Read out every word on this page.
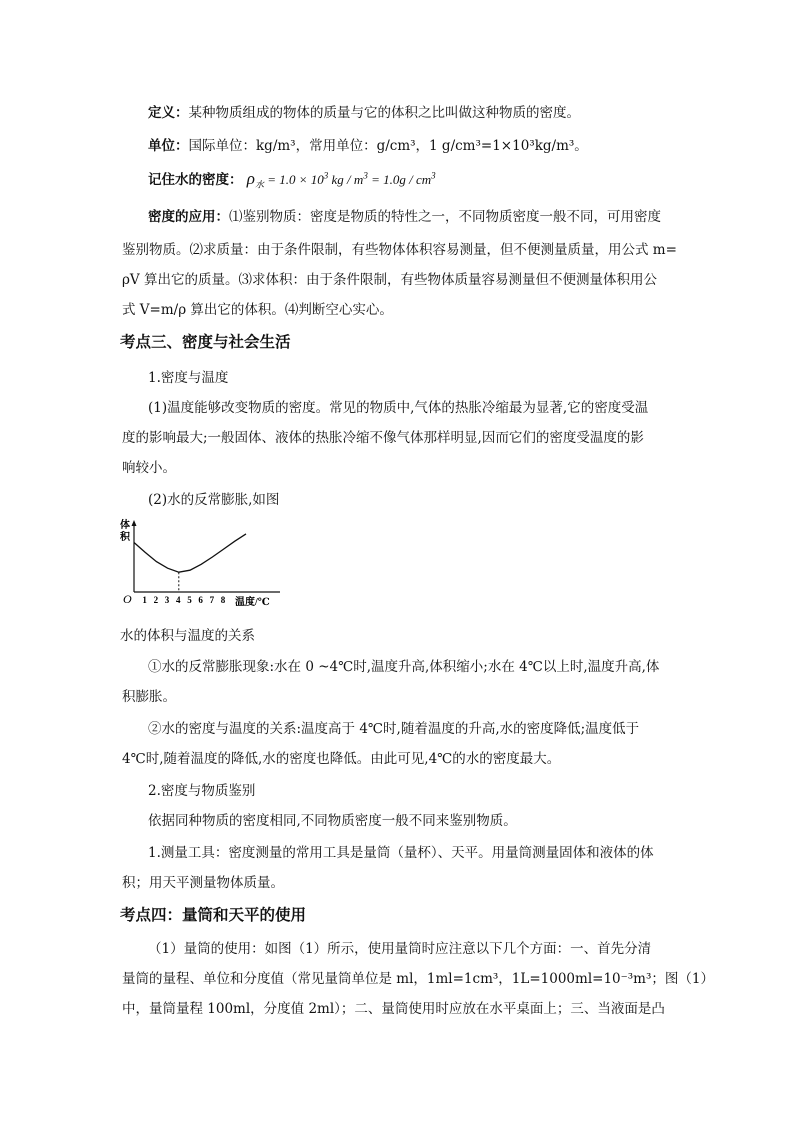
定义：某种物质组成的物体的质量与它的体积之比叫做这种物质的密度。

单位：国际单位：kg/m³，常用单位：g/cm³，1 g/cm³=1×10³kg/m³。

记住水的密度： $\rho_水 = 1.0 \times 10^3$ kg / $m^3 = 1.0g / cm^3$

密度的应用：⑴鉴别物质：密度是物质的特性之一，不同物质密度一般不同，可用密度

鉴别物质。⑵求质量：由于条件限制，有些物体体积容易测量，但不便测量质量，用公式 m=

ρV 算出它的质量。⑶求体积：由于条件限制，有些物体质量容易测量但不便测量体积用公

式 V=m/ρ 算出它的体积。⑷判断空心实心。

考点三、密度与社会生活

1.密度与温度

(1)温度能够改变物质的密度。常见的物质中,气体的热胀冷缩最为显著,它的密度受温

度的影响最大;一般固体、液体的热胀冷缩不像气体那样明显,因而它们的密度受温度的影

响较小。

(2)水的反常膨胀,如图

体
积
O	温度/℃
1 2 3 4 5 6 7 8

水的体积与温度的关系

①水的反常膨胀现象:水在 0 ~4℃时,温度升高,体积缩小;水在 4℃以上时,温度升高,体

积膨胀。

②水的密度与温度的关系:温度高于 4℃时,随着温度的升高,水的密度降低;温度低于

4℃时,随着温度的降低,水的密度也降低。由此可见,4℃的水的密度最大。

2.密度与物质鉴别

依据同种物质的密度相同,不同物质密度一般不同来鉴别物质。

1.测量工具：密度测量的常用工具是量筒（量杯）、天平。用量筒测量固体和液体的体

积；用天平测量物体质量。

考点四：量筒和天平的使用

（1）量筒的使用：如图（1）所示，使用量筒时应注意以下几个方面：一、首先分清

量筒的量程、单位和分度值（常见量筒单位是 ml，1ml=1cm³，1L=1000ml=10⁻³m³；图（1）

中，量筒量程 100ml，分度值 2ml）；二、量筒使用时应放在水平桌面上；三、当液面是凸
